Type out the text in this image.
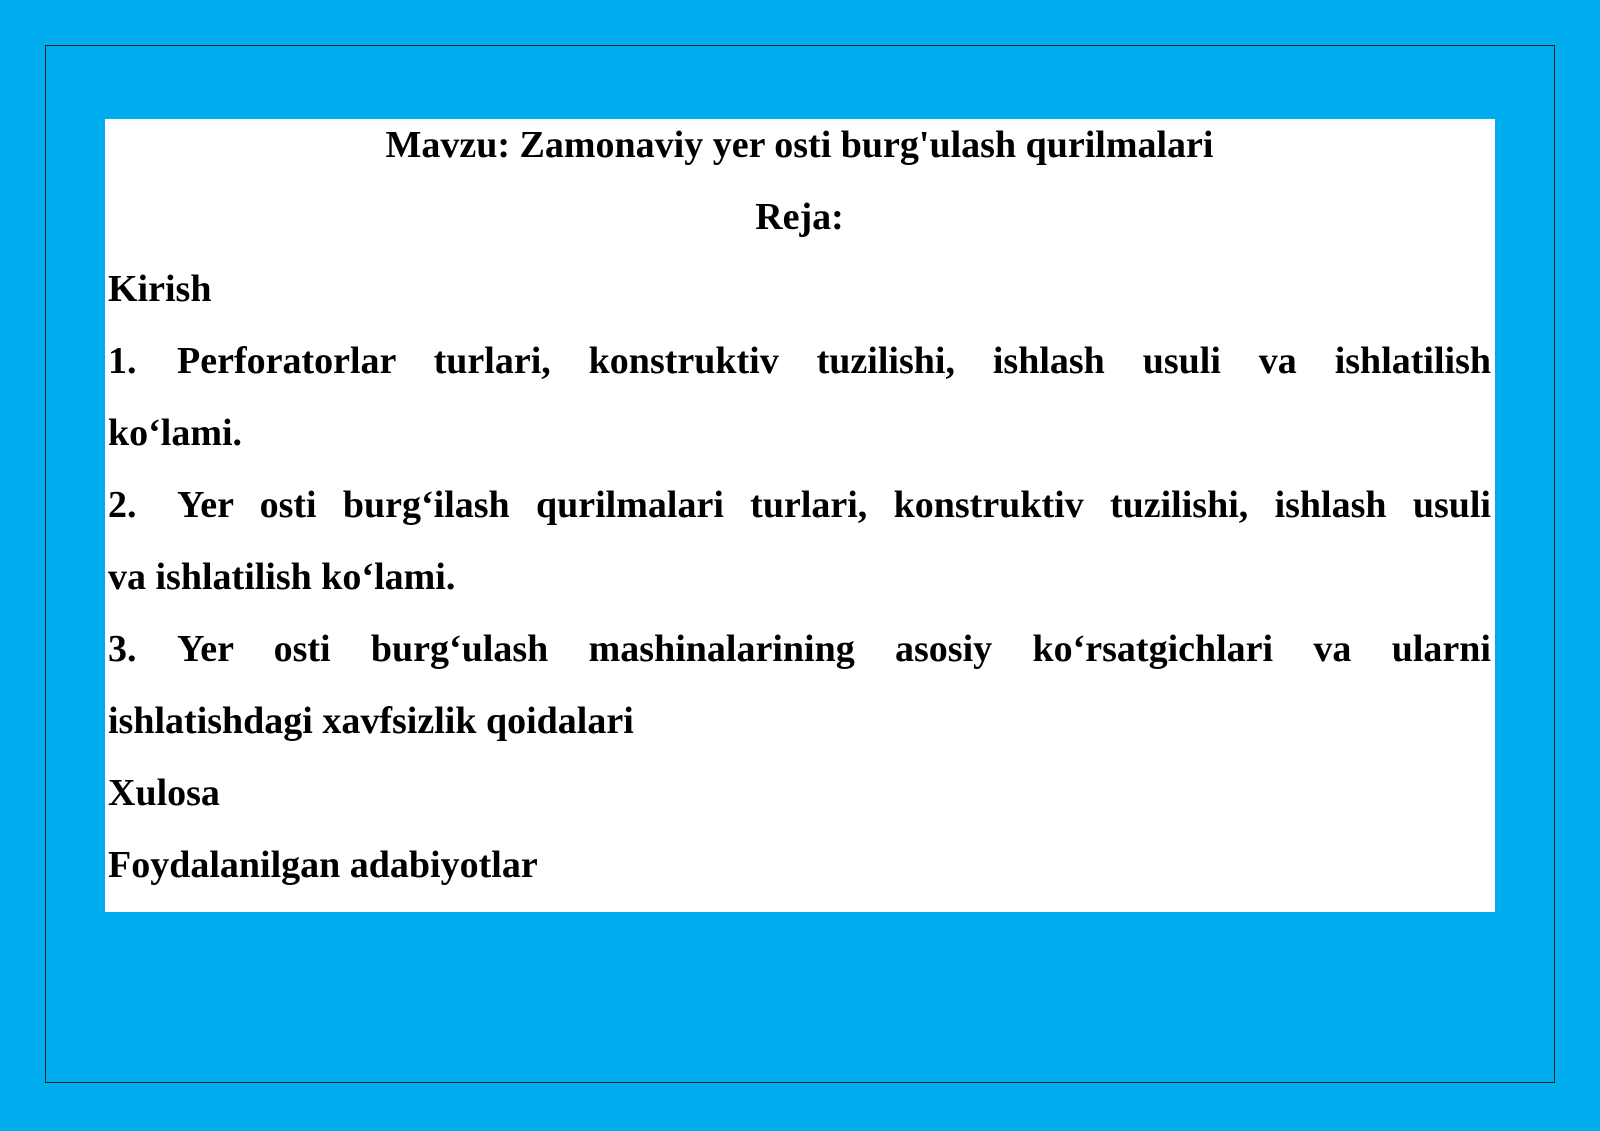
Mavzu: Zamonaviy yer osti burg'ulash qurilmalari
Reja:
Kirish
1. Perforatorlar turlari, konstruktiv tuzilishi, ishlash usuli va ishlatilish
ko‘lami.
2. Yer osti burg‘ilash qurilmalari turlari, konstruktiv tuzilishi, ishlash usuli
va ishlatilish ko‘lami.
3. Yer osti burg‘ulash mashinalarining asosiy ko‘rsatgichlari va ularni
ishlatishdagi xavfsizlik qoidalari
Xulosa
Foydalanilgan adabiyotlar
